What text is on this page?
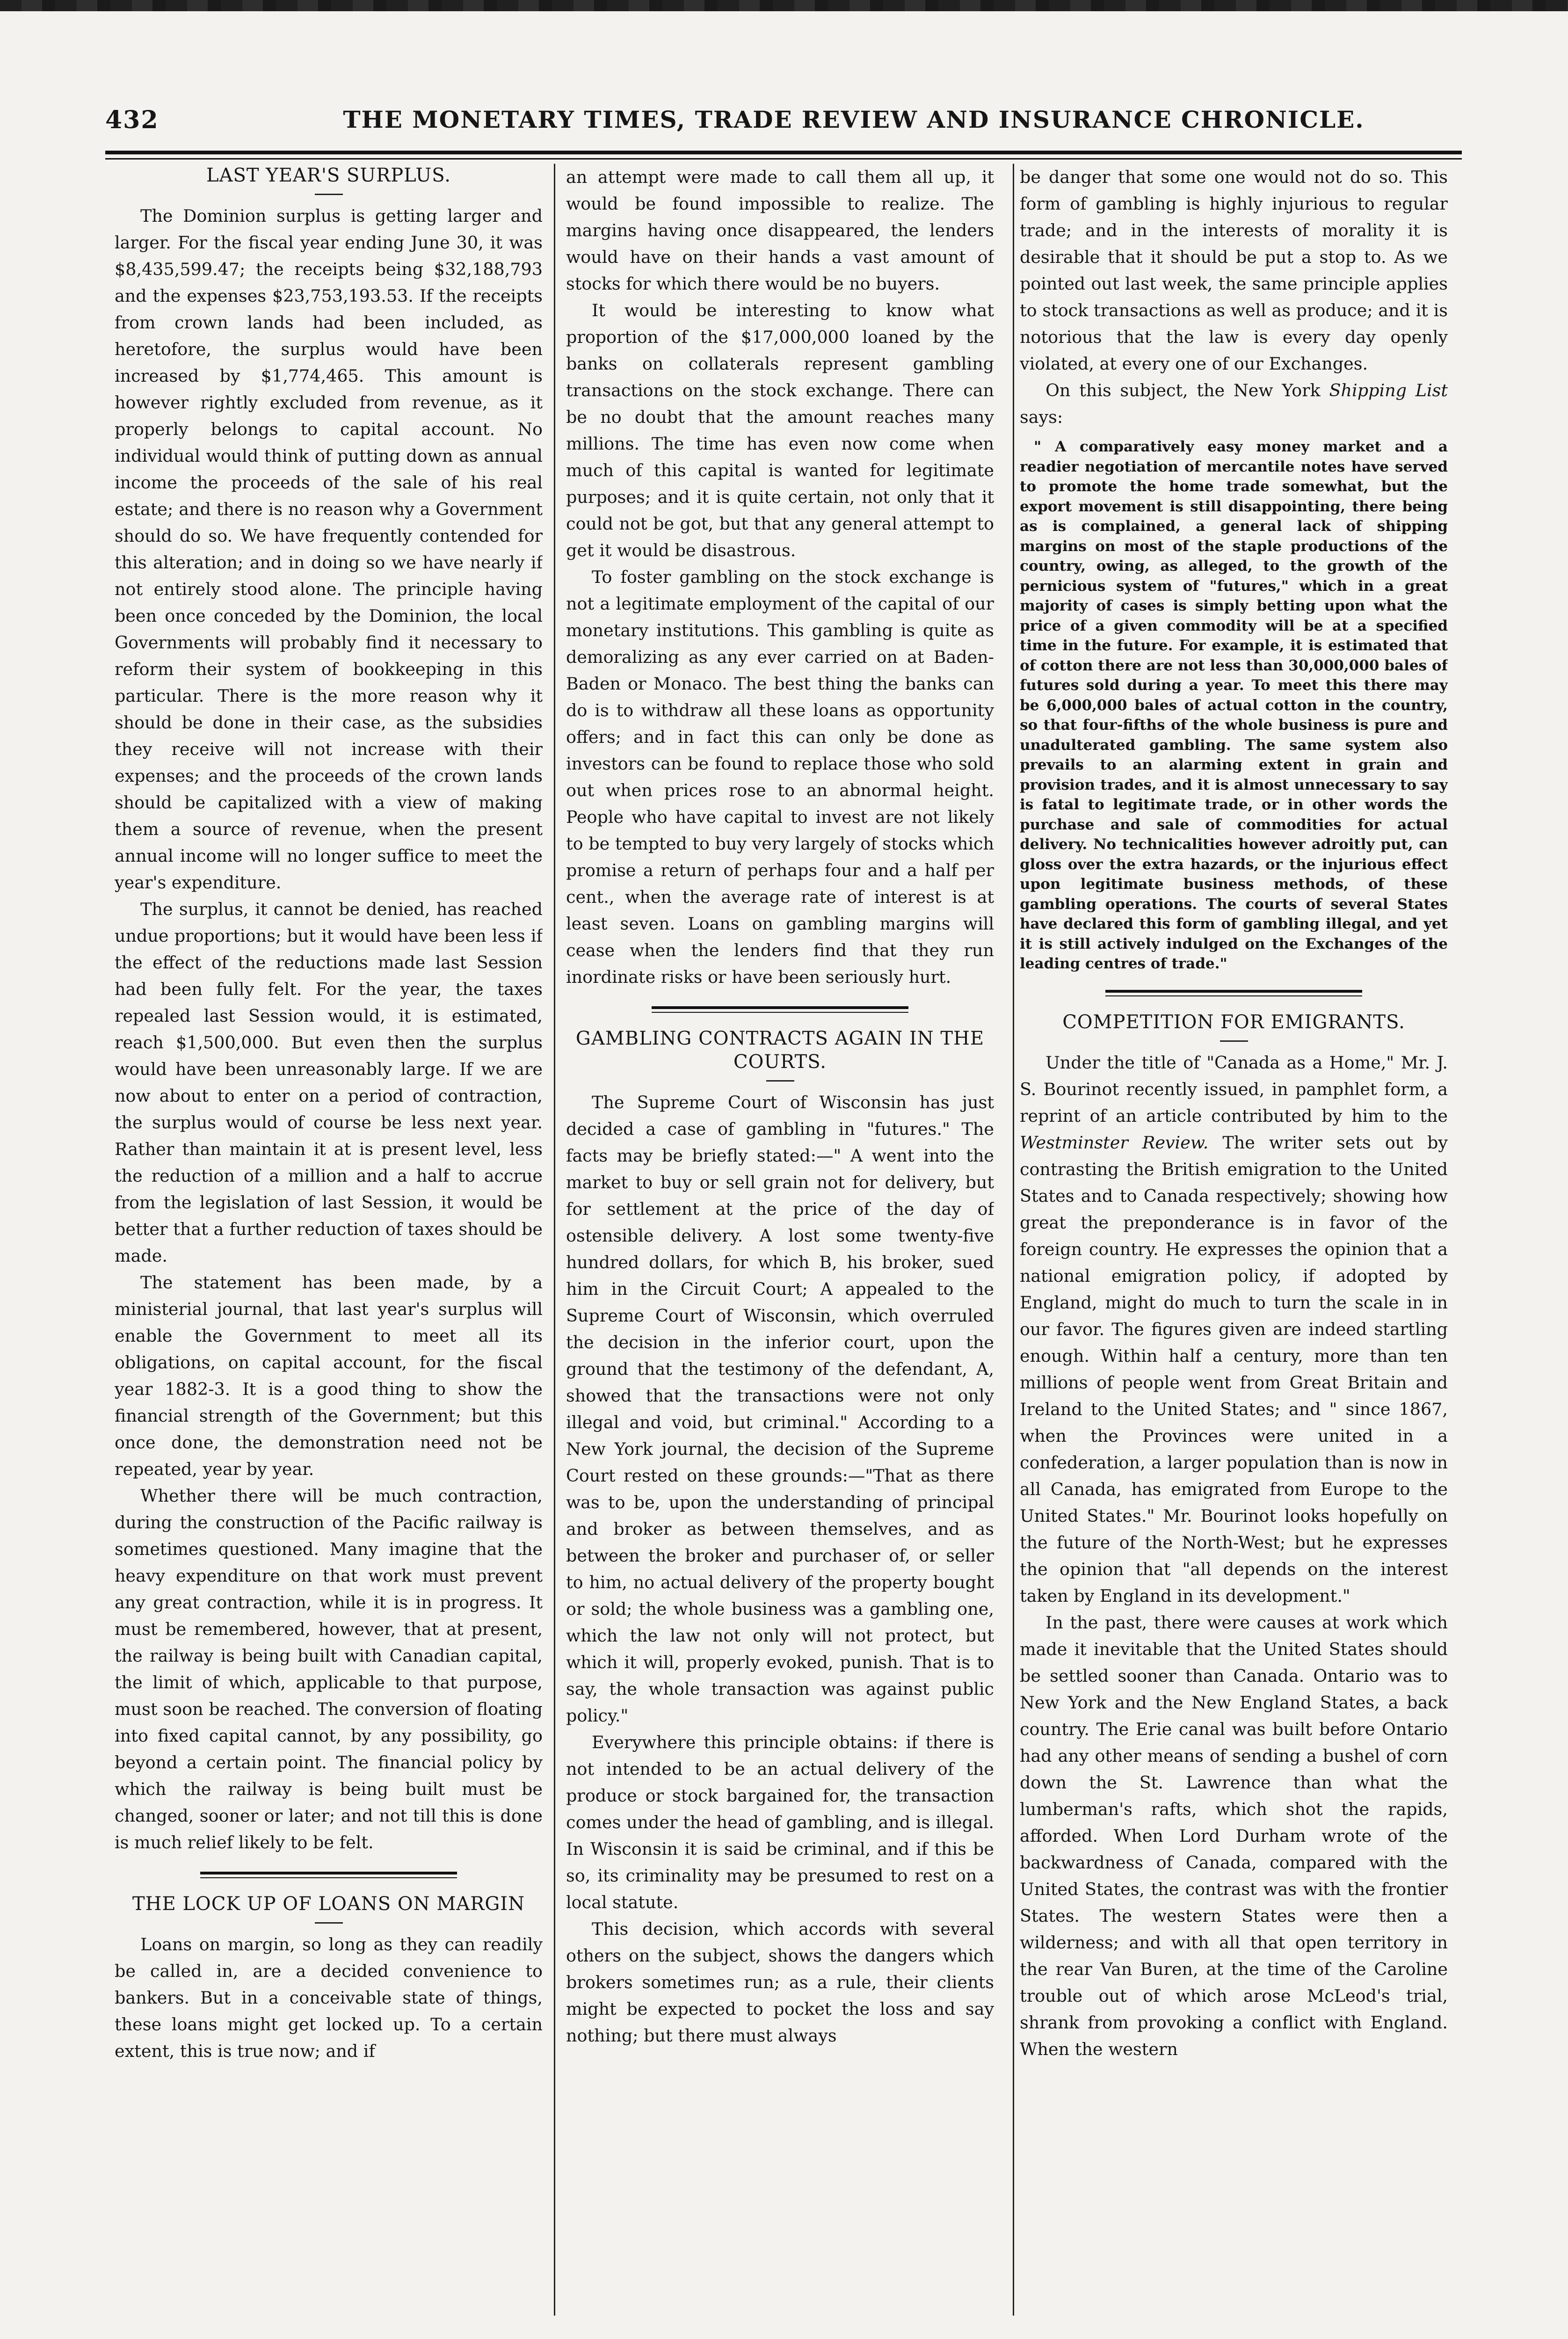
432	THE MONETARY TIMES, TRADE REVIEW AND INSURANCE CHRONICLE.

LAST YEAR'S SURPLUS.

The Dominion surplus is getting larger and larger. For the fiscal year ending June 30, it was $8,435,599.47; the receipts being $32,188,793 and the expenses $23,753,193.53. If the receipts from crown lands had been included, as heretofore, the surplus would have been increased by $1,774,465. This amount is however rightly excluded from revenue, as it properly belongs to capital account. No individual would think of putting down as annual income the proceeds of the sale of his real estate; and there is no reason why a Government should do so. We have frequently contended for this alteration; and in doing so we have nearly if not entirely stood alone. The principle having been once conceded by the Dominion, the local Governments will probably find it necessary to reform their system of bookkeeping in this particular. There is the more reason why it should be done in their case, as the subsidies they receive will not increase with their expenses; and the proceeds of the crown lands should be capitalized with a view of making them a source of revenue, when the present annual income will no longer suffice to meet the year's expenditure.

The surplus, it cannot be denied, has reached undue proportions; but it would have been less if the effect of the reductions made last Session had been fully felt. For the year, the taxes repealed last Session would, it is estimated, reach $1,500,000. But even then the surplus would have been unreasonably large. If we are now about to enter on a period of contraction, the surplus would of course be less next year. Rather than maintain it at is present level, less the reduction of a million and a half to accrue from the legislation of last Session, it would be better that a further reduction of taxes should be made.

The statement has been made, by a ministerial journal, that last year's surplus will enable the Government to meet all its obligations, on capital account, for the fiscal year 1882-3. It is a good thing to show the financial strength of the Government; but this once done, the demonstration need not be repeated, year by year.

Whether there will be much contraction, during the construction of the Pacific railway is sometimes questioned. Many imagine that the heavy expenditure on that work must prevent any great contraction, while it is in progress. It must be remembered, however, that at present, the railway is being built with Canadian capital, the limit of which, applicable to that purpose, must soon be reached. The conversion of floating into fixed capital cannot, by any possibility, go beyond a certain point. The financial policy by which the railway is being built must be changed, sooner or later; and not till this is done is much relief likely to be felt.

THE LOCK UP OF LOANS ON MARGIN

Loans on margin, so long as they can readily be called in, are a decided convenience to bankers. But in a conceivable state of things, these loans might get locked up. To a certain extent, this is true now; and if

an attempt were made to call them all up, it would be found impossible to realize. The margins having once disappeared, the lenders would have on their hands a vast amount of stocks for which there would be no buyers.

It would be interesting to know what proportion of the $17,000,000 loaned by the banks on collaterals represent gambling transactions on the stock exchange. There can be no doubt that the amount reaches many millions. The time has even now come when much of this capital is wanted for legitimate purposes; and it is quite certain, not only that it could not be got, but that any general attempt to get it would be disastrous.

To foster gambling on the stock exchange is not a legitimate employment of the capital of our monetary institutions. This gambling is quite as demoralizing as any ever carried on at Baden-Baden or Monaco. The best thing the banks can do is to withdraw all these loans as opportunity offers; and in fact this can only be done as investors can be found to replace those who sold out when prices rose to an abnormal height. People who have capital to invest are not likely to be tempted to buy very largely of stocks which promise a return of perhaps four and a half per cent., when the average rate of interest is at least seven. Loans on gambling margins will cease when the lenders find that they run inordinate risks or have been seriously hurt.

GAMBLING CONTRACTS AGAIN IN THE COURTS.

The Supreme Court of Wisconsin has just decided a case of gambling in "futures." The facts may be briefly stated:—" A went into the market to buy or sell grain not for delivery, but for settlement at the price of the day of ostensible delivery. A lost some twenty-five hundred dollars, for which B, his broker, sued him in the Circuit Court; A appealed to the Supreme Court of Wisconsin, which overruled the decision in the inferior court, upon the ground that the testimony of the defendant, A, showed that the transactions were not only illegal and void, but criminal." According to a New York journal, the decision of the Supreme Court rested on these grounds:—"That as there was to be, upon the understanding of principal and broker as between themselves, and as between the broker and purchaser of, or seller to him, no actual delivery of the property bought or sold; the whole business was a gambling one, which the law not only will not protect, but which it will, properly evoked, punish. That is to say, the whole transaction was against public policy."

Everywhere this principle obtains: if there is not intended to be an actual delivery of the produce or stock bargained for, the transaction comes under the head of gambling, and is illegal. In Wisconsin it is said be criminal, and if this be so, its criminality may be presumed to rest on a local statute.

This decision, which accords with several others on the subject, shows the dangers which brokers sometimes run; as a rule, their clients might be expected to pocket the loss and say nothing; but there must always

be danger that some one would not do so. This form of gambling is highly injurious to regular trade; and in the interests of morality it is desirable that it should be put a stop to. As we pointed out last week, the same principle applies to stock transactions as well as produce; and it is notorious that the law is every day openly violated, at every one of our Exchanges.

On this subject, the New York Shipping List says:

" A comparatively easy money market and a readier negotiation of mercantile notes have served to promote the home trade somewhat, but the export movement is still disappointing, there being as is complained, a general lack of shipping margins on most of the staple productions of the country, owing, as alleged, to the growth of the pernicious system of "futures," which in a great majority of cases is simply betting upon what the price of a given commodity will be at a specified time in the future. For example, it is estimated that of cotton there are not less than 30,000,000 bales of futures sold during a year. To meet this there may be 6,000,000 bales of actual cotton in the country, so that four-fifths of the whole business is pure and unadulterated gambling. The same system also prevails to an alarming extent in grain and provision trades, and it is almost unnecessary to say is fatal to legitimate trade, or in other words the purchase and sale of commodities for actual delivery. No technicalities however adroitly put, can gloss over the extra hazards, or the injurious effect upon legitimate business methods, of these gambling operations. The courts of several States have declared this form of gambling illegal, and yet it is still actively indulged on the Exchanges of the leading centres of trade."

COMPETITION FOR EMIGRANTS.

Under the title of "Canada as a Home," Mr. J. S. Bourinot recently issued, in pamphlet form, a reprint of an article contributed by him to the Westminster Review. The writer sets out by contrasting the British emigration to the United States and to Canada respectively; showing how great the preponderance is in favor of the foreign country. He expresses the opinion that a national emigration policy, if adopted by England, might do much to turn the scale in in our favor. The figures given are indeed startling enough. Within half a century, more than ten millions of people went from Great Britain and Ireland to the United States; and " since 1867, when the Provinces were united in a confederation, a larger population than is now in all Canada, has emigrated from Europe to the United States." Mr. Bourinot looks hopefully on the future of the North-West; but he expresses the opinion that "all depends on the interest taken by England in its development."

In the past, there were causes at work which made it inevitable that the United States should be settled sooner than Canada. Ontario was to New York and the New England States, a back country. The Erie canal was built before Ontario had any other means of sending a bushel of corn down the St. Lawrence than what the lumberman's rafts, which shot the rapids, afforded. When Lord Durham wrote of the backwardness of Canada, compared with the United States, the contrast was with the frontier States. The western States were then a wilderness; and with all that open territory in the rear Van Buren, at the time of the Caroline trouble out of which arose McLeod's trial, shrank from provoking a conflict with England. When the western
